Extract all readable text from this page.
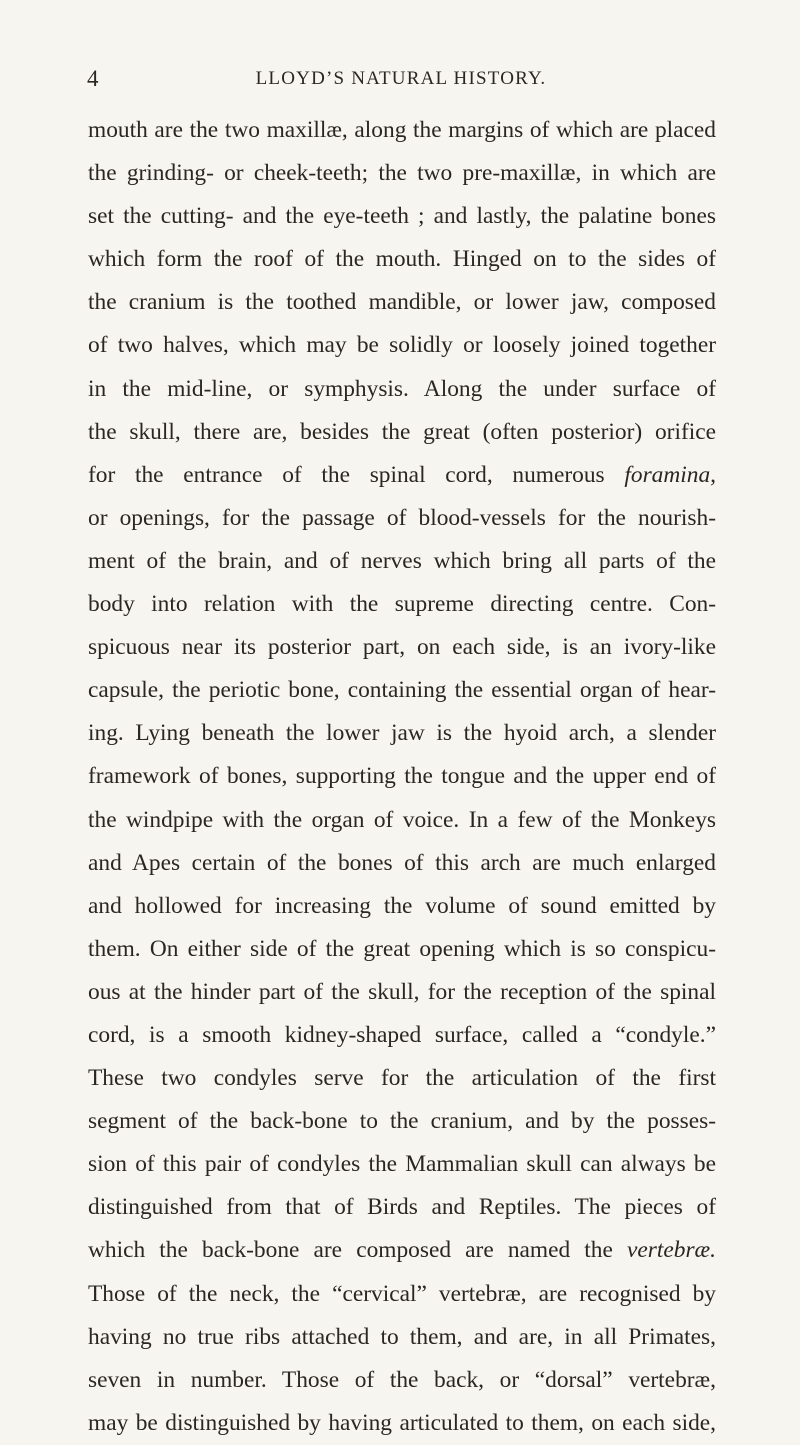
4	LLOYD’S NATURAL HISTORY.
mouth are the two maxillæ, along the margins of which are placed
the grinding- or cheek-teeth; the two pre-maxillæ, in which are
set the cutting- and the eye-teeth ; and lastly, the palatine bones
which form the roof of the mouth. Hinged on to the sides of
the cranium is the toothed mandible, or lower jaw, composed
of two halves, which may be solidly or loosely joined together
in the mid-line, or symphysis. Along the under surface of
the skull, there are, besides the great (often posterior) orifice
for the entrance of the spinal cord, numerous foramina,
or openings, for the passage of blood-vessels for the nourish-
ment of the brain, and of nerves which bring all parts of the
body into relation with the supreme directing centre. Con-
spicuous near its posterior part, on each side, is an ivory-like
capsule, the periotic bone, containing the essential organ of hear-
ing. Lying beneath the lower jaw is the hyoid arch, a slender
framework of bones, supporting the tongue and the upper end of
the windpipe with the organ of voice. In a few of the Monkeys
and Apes certain of the bones of this arch are much enlarged
and hollowed for increasing the volume of sound emitted by
them. On either side of the great opening which is so conspicu-
ous at the hinder part of the skull, for the reception of the spinal
cord, is a smooth kidney-shaped surface, called a “condyle.”
These two condyles serve for the articulation of the first
segment of the back-bone to the cranium, and by the posses-
sion of this pair of condyles the Mammalian skull can always be
distinguished from that of Birds and Reptiles. The pieces of
which the back-bone are composed are named the vertebræ.
Those of the neck, the “cervical” vertebræ, are recognised by
having no true ribs attached to them, and are, in all Primates,
seven in number. Those of the back, or “dorsal” vertebræ,
may be distinguished by having articulated to them, on each side,
